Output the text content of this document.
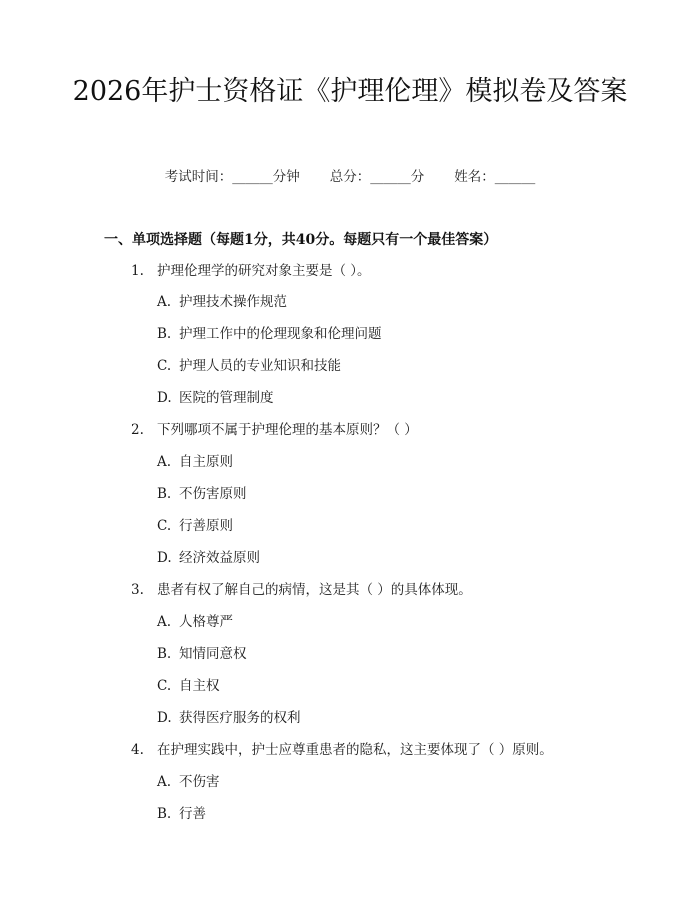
2026年护士资格证《护理伦理》模拟卷及答案
考试时间：______分钟 总分：______分 姓名：______
一、单项选择题（每题1分，共40分。每题只有一个最佳答案）
1. 护理伦理学的研究对象主要是（ ）。
A. 护理技术操作规范
B. 护理工作中的伦理现象和伦理问题
C. 护理人员的专业知识和技能
D. 医院的管理制度
2. 下列哪项不属于护理伦理的基本原则？（ ）
A. 自主原则
B. 不伤害原则
C. 行善原则
D. 经济效益原则
3. 患者有权了解自己的病情，这是其（ ）的具体体现。
A. 人格尊严
B. 知情同意权
C. 自主权
D. 获得医疗服务的权利
4. 在护理实践中，护士应尊重患者的隐私，这主要体现了（ ）原则。
A. 不伤害
B. 行善
